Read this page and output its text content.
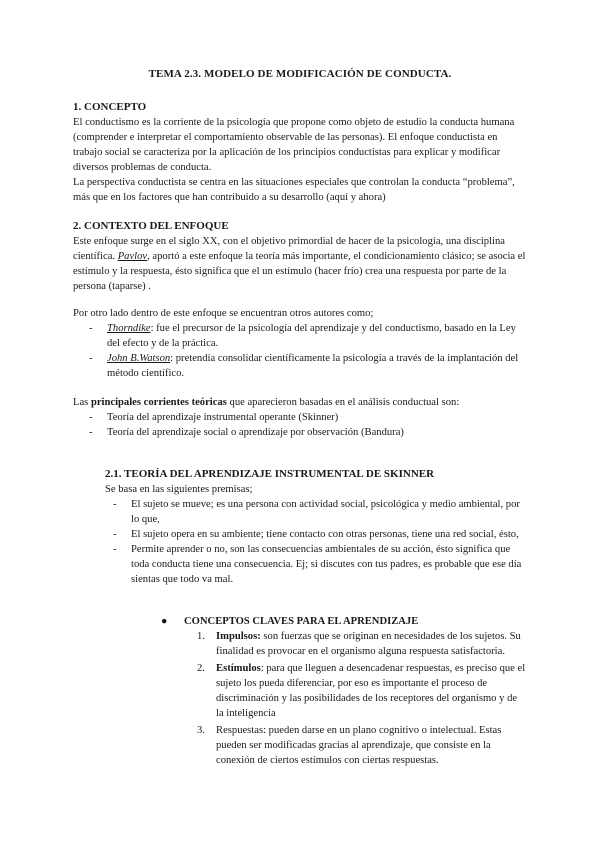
TEMA 2.3. MODELO DE MODIFICACIÓN DE CONDUCTA.
1. CONCEPTO

El conductismo es la corriente de la psicología que propone como objeto de estudio la conducta humana (comprender e interpretar el comportamiento observable de las personas). El enfoque conductista en trabajo social se caracteriza por la aplicación de los principios conductistas para explicar y modificar diversos problemas de conducta.

La perspectiva conductista se centra en las situaciones especiales que controlan la conducta “problema”, más que en los factores que han contribuido a su desarrollo (aquí y ahora)

2. CONTEXTO DEL ENFOQUE

Este enfoque surge en el siglo XX, con el objetivo primordial de hacer de la psicología, una disciplina científica. Pavlov, aportó a este enfoque la teoría más importante, el condicionamiento clásico; se asocia el estímulo y la respuesta, ésto significa que el un estímulo (hacer frío) crea una respuesta por parte de la persona (taparse) .

Por otro lado dentro de este enfoque se encuentran otros autores como;

- Thorndike: fue el precursor de la psicología del aprendizaje y del conductismo, basado en la Ley del efecto y de la práctica.
- John B.Watson: pretendía consolidar científicamente la psicología a través de la implantación del método científico.

Las principales corrientes teóricas que aparecieron basadas en el análisis conductual son:

- Teoría del aprendizaje instrumental operante (Skinner)
- Teoría del aprendizaje social o aprendizaje por observación (Bandura)
2.1. TEORÍA DEL APRENDIZAJE INSTRUMENTAL DE SKINNER

Se basa en las siguientes premisas;

- El sujeto se mueve; es una persona con actividad social, psicológica y medio ambiental, por lo que,
- El sujeto opera en su ambiente; tiene contacto con otras personas, tiene una red social, ésto,
- Permite aprender o no, son las consecuencias ambientales de su acción, ésto significa que toda conducta tiene una consecuencia. Ej; si discutes con tus padres, es probable que ese día sientas que todo va mal.
● CONCEPTOS CLAVES PARA EL APRENDIZAJE
1. Impulsos: son fuerzas que se originan en necesidades de los sujetos. Su finalidad es provocar en el organismo alguna respuesta satisfactoria.
2. Estímulos: para que lleguen a desencadenar respuestas, es preciso que el sujeto los pueda diferenciar, por eso es importante el proceso de discriminación y las posibilidades de los receptores del organismo y de la inteligencia
3. Respuestas: pueden darse en un plano cognitivo o intelectual. Estas pueden ser modificadas gracias al aprendizaje, que consiste en la conexión de ciertos estímulos con ciertas respuestas.
